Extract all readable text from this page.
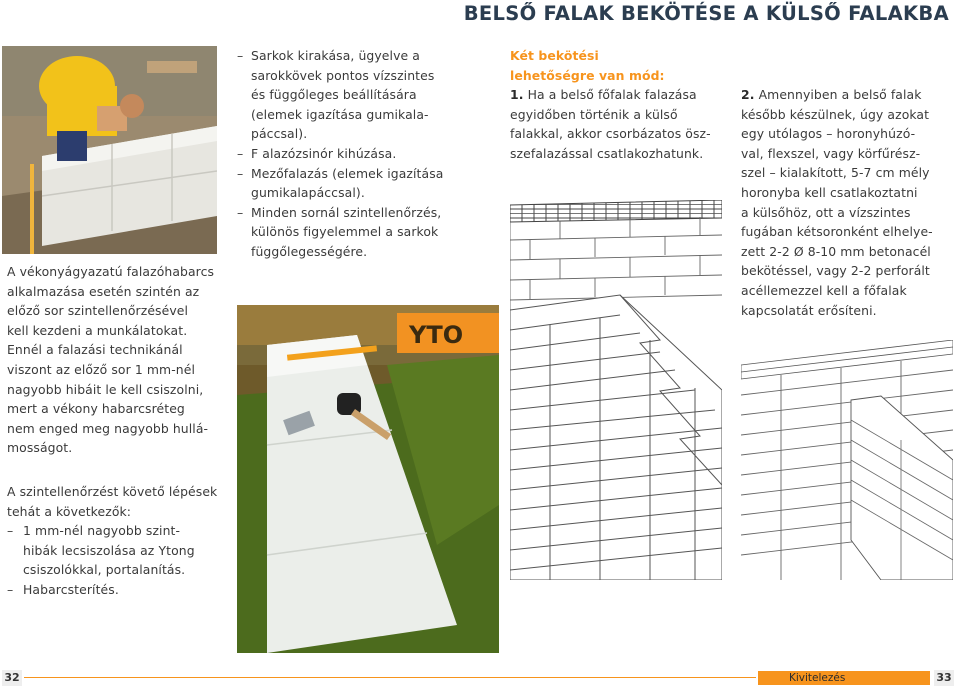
BELSŐ FALAK BEKÖTÉSE A KÜLSŐ FALAKBA
A vékonyágyazatú falazóhabarcs
alkalmazása esetén szintén az
előző sor szintellenőrzésével
kell kezdeni a munkálatokat.
Ennél a falazási technikánál
viszont az előző sor 1 mm-nél
nagyobb hibáit le kell csiszolni,
mert a vékony habarcsréteg
nem enged meg nagyobb hullá-
mosságot.
A szintellenőrzést követő lépések
tehát a következők:
– 1 mm-nél nagyobb szint-
hibák lecsiszolása az Ytong
csiszolókkal, portalanítás.
– Habarcsterítés.
– Sarkok kirakása, ügyelve a
sarokkövek pontos vízszintes
és függőleges beállítására
(elemek igazítása gumikala-
páccsal).
– F alazózsinór kihúzása.
– Mezőfalazás (elemek igazítása
gumikalapáccsal).
– Minden sornál szintellenőrzés,
különös figyelemmel a sarkok
függőlegességére.
YTO
Két bekötési
lehetőségre van mód:
1. Ha a belső főfalak falazása
egyidőben történik a külső
falakkal, akkor csorbázatos ösz-
szefalazással csatlakozhatunk.
2. Amennyiben a belső falak
később készülnek, úgy azokat
egy utólagos – horonyhúzó-
val, flexszel, vagy körfűrész-
szel – kialakított, 5-7 cm mély
horonyba kell csatlakoztatni
a külsőhöz, ott a vízszintes
fugában kétsoronként elhelye-
zett 2-2 Ø 8-10 mm betonacél
bekötéssel, vagy 2-2 perforált
acéllemezzel kell a főfalak
kapcsolatát erősíteni.
32	Kivitelezés	33
